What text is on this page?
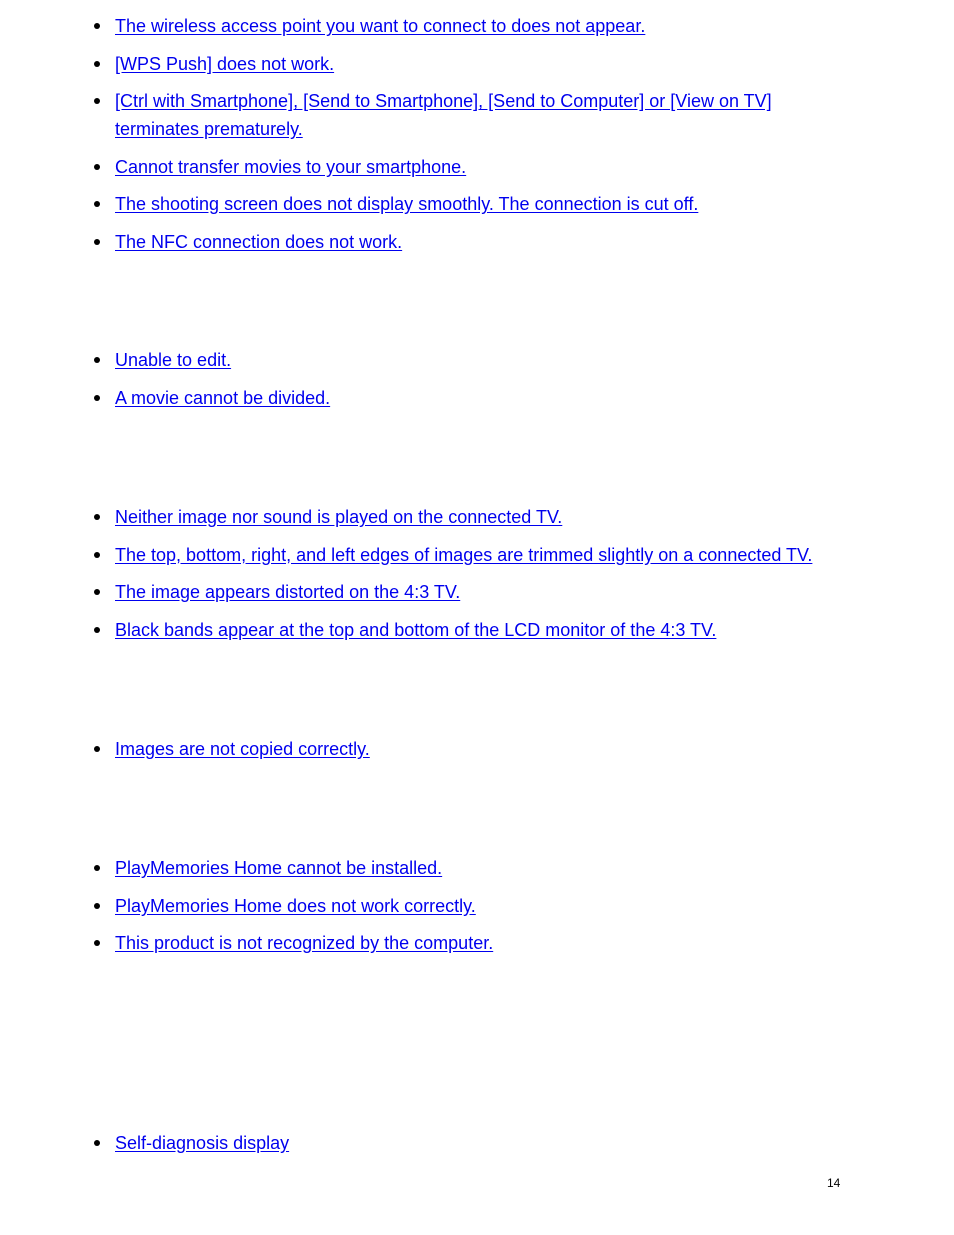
The wireless access point you want to connect to does not appear.
[WPS Push] does not work.
[Ctrl with Smartphone], [Send to Smartphone], [Send to Computer] or [View on TV] terminates prematurely.
Cannot transfer movies to your smartphone.
The shooting screen does not display smoothly. The connection is cut off.
The NFC connection does not work.
Unable to edit.
A movie cannot be divided.
Neither image nor sound is played on the connected TV.
The top, bottom, right, and left edges of images are trimmed slightly on a connected TV.
The image appears distorted on the 4:3 TV.
Black bands appear at the top and bottom of the LCD monitor of the 4:3 TV.
Images are not copied correctly.
PlayMemories Home cannot be installed.
PlayMemories Home does not work correctly.
This product is not recognized by the computer.
Self-diagnosis display
14
